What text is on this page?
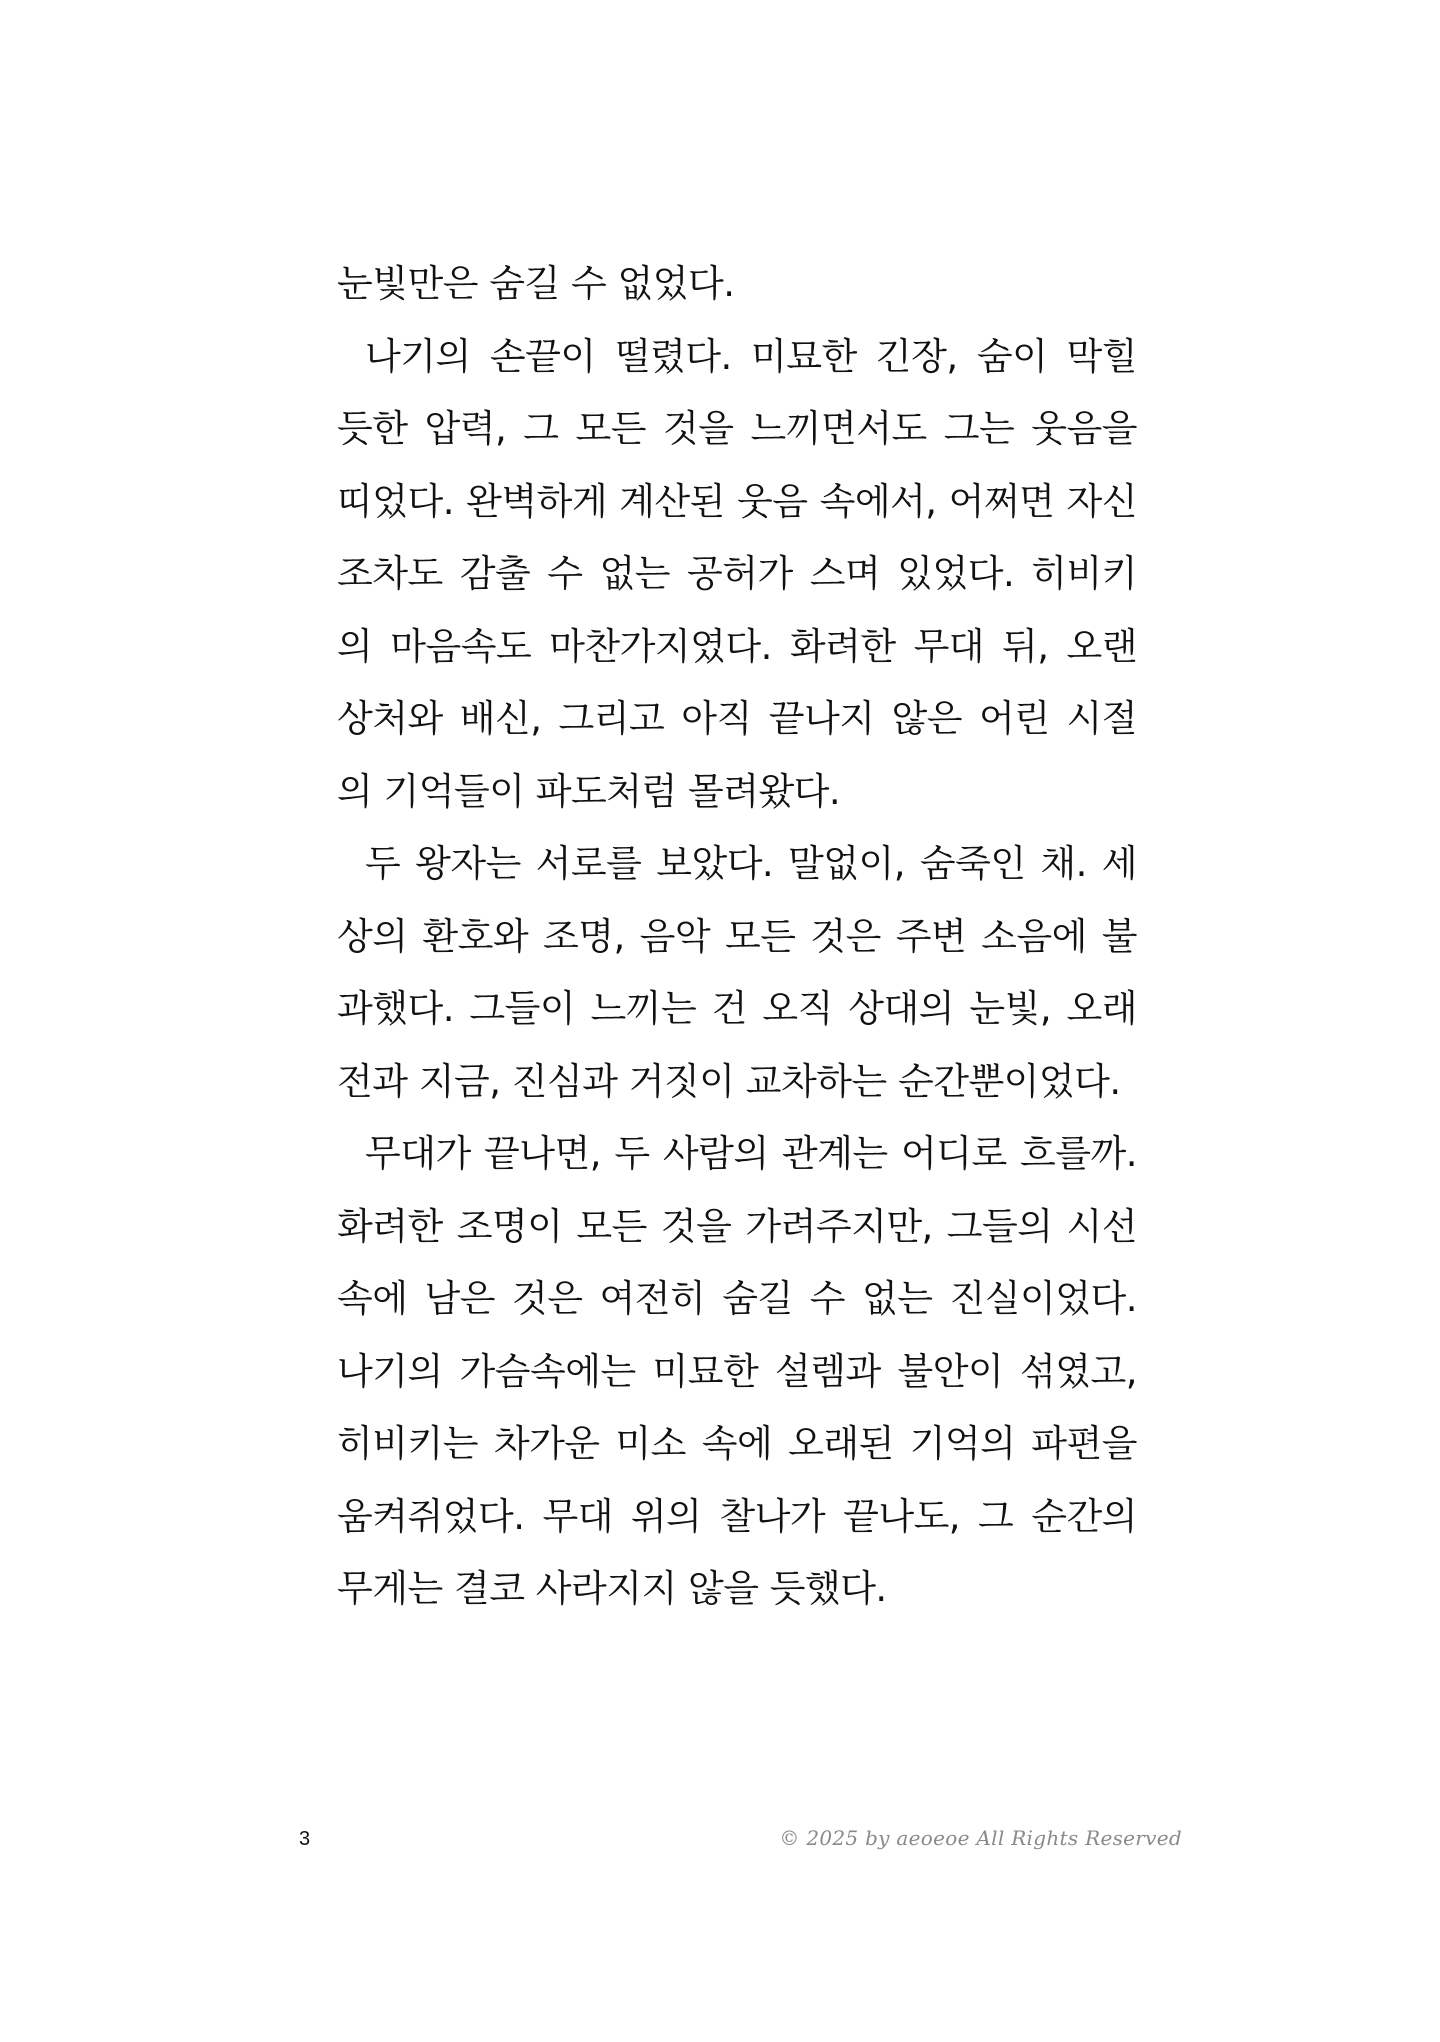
눈빛만은 숨길 수 없었다.
나기의 손끝이 떨렸다. 미묘한 긴장, 숨이 막힐
듯한 압력, 그 모든 것을 느끼면서도 그는 웃음을
띠었다. 완벽하게 계산된 웃음 속에서, 어쩌면 자신
조차도 감출 수 없는 공허가 스며 있었다. 히비키
의 마음속도 마찬가지였다. 화려한 무대 뒤, 오랜
상처와 배신, 그리고 아직 끝나지 않은 어린 시절
의 기억들이 파도처럼 몰려왔다.
두 왕자는 서로를 보았다. 말없이, 숨죽인 채. 세
상의 환호와 조명, 음악 모든 것은 주변 소음에 불
과했다. 그들이 느끼는 건 오직 상대의 눈빛, 오래
전과 지금, 진심과 거짓이 교차하는 순간뿐이었다.
무대가 끝나면, 두 사람의 관계는 어디로 흐를까.
화려한 조명이 모든 것을 가려주지만, 그들의 시선
속에 남은 것은 여전히 숨길 수 없는 진실이었다.
나기의 가슴속에는 미묘한 설렘과 불안이 섞였고,
히비키는 차가운 미소 속에 오래된 기억의 파편을
움켜쥐었다. 무대 위의 찰나가 끝나도, 그 순간의
무게는 결코 사라지지 않을 듯했다.
3	© 2025 by aeoeoe All Rights Reserved
